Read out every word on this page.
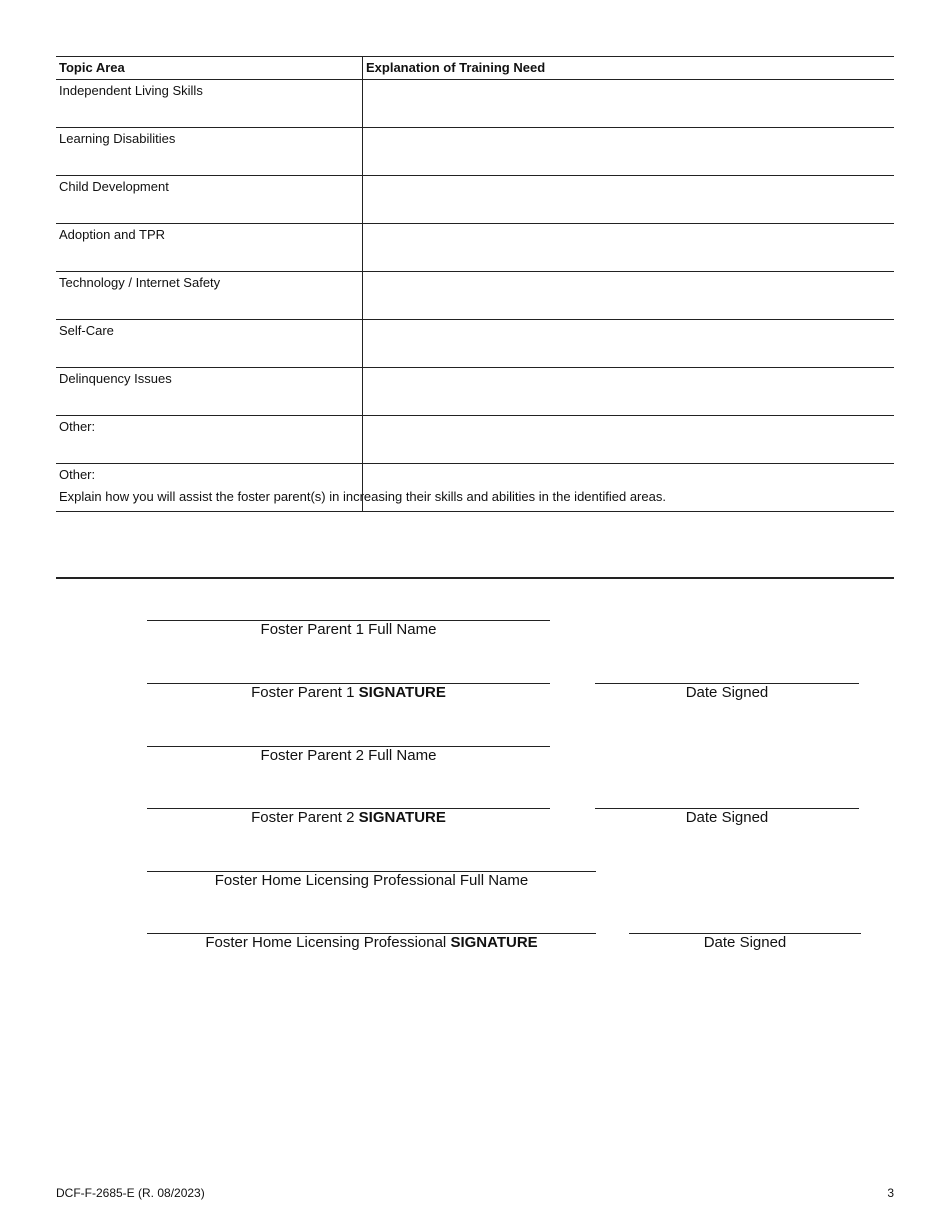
Topic Area	Explanation of Training Need
Independent Living Skills	
Learning Disabilities	
Child Development	
Adoption and TPR	
Technology / Internet Safety	
Self-Care	
Delinquency Issues	
Other:	
Other:	
Explain how you will assist the foster parent(s) in increasing their skills and abilities in the identified areas.
Foster Parent 1 Full Name
Foster Parent 1 SIGNATURE	Date Signed
Foster Parent 2 Full Name
Foster Parent 2 SIGNATURE	Date Signed
Foster Home Licensing Professional Full Name
Foster Home Licensing Professional SIGNATURE	Date Signed
DCF-F-2685-E (R. 08/2023)	3
